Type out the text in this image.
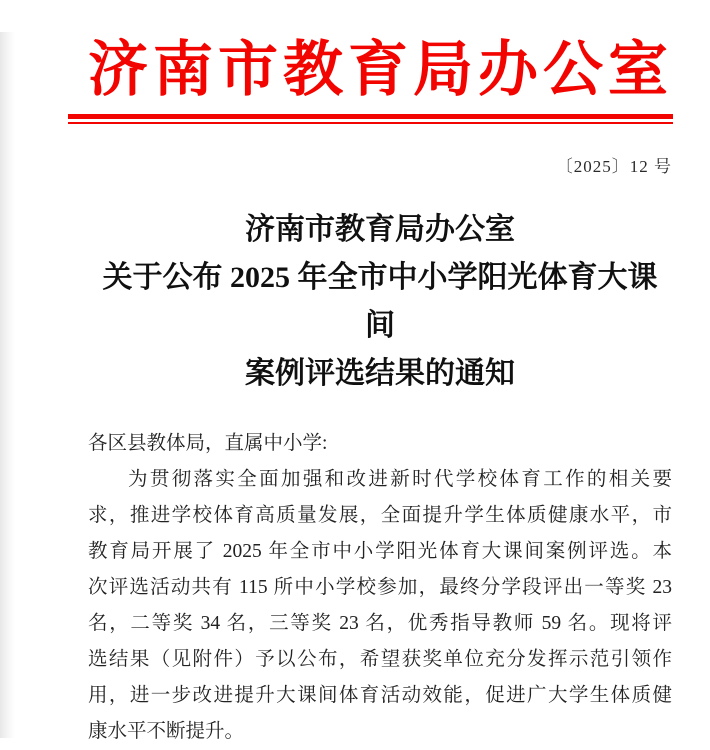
济南市教育局办公室
〔2025〕12 号
济南市教育局办公室
关于公布 2025 年全市中小学阳光体育大课间
案例评选结果的通知
各区县教体局，直属中小学:
为贯彻落实全面加强和改进新时代学校体育工作的相关要
求，推进学校体育高质量发展，全面提升学生体质健康水平，市
教育局开展了 2025 年全市中小学阳光体育大课间案例评选。本
次评选活动共有 115 所中小学校参加，最终分学段评出一等奖 23
名，二等奖 34 名，三等奖 23 名，优秀指导教师 59 名。现将评
选结果（见附件）予以公布，希望获奖单位充分发挥示范引领作
用，进一步改进提升大课间体育活动效能，促进广大学生体质健
康水平不断提升。
